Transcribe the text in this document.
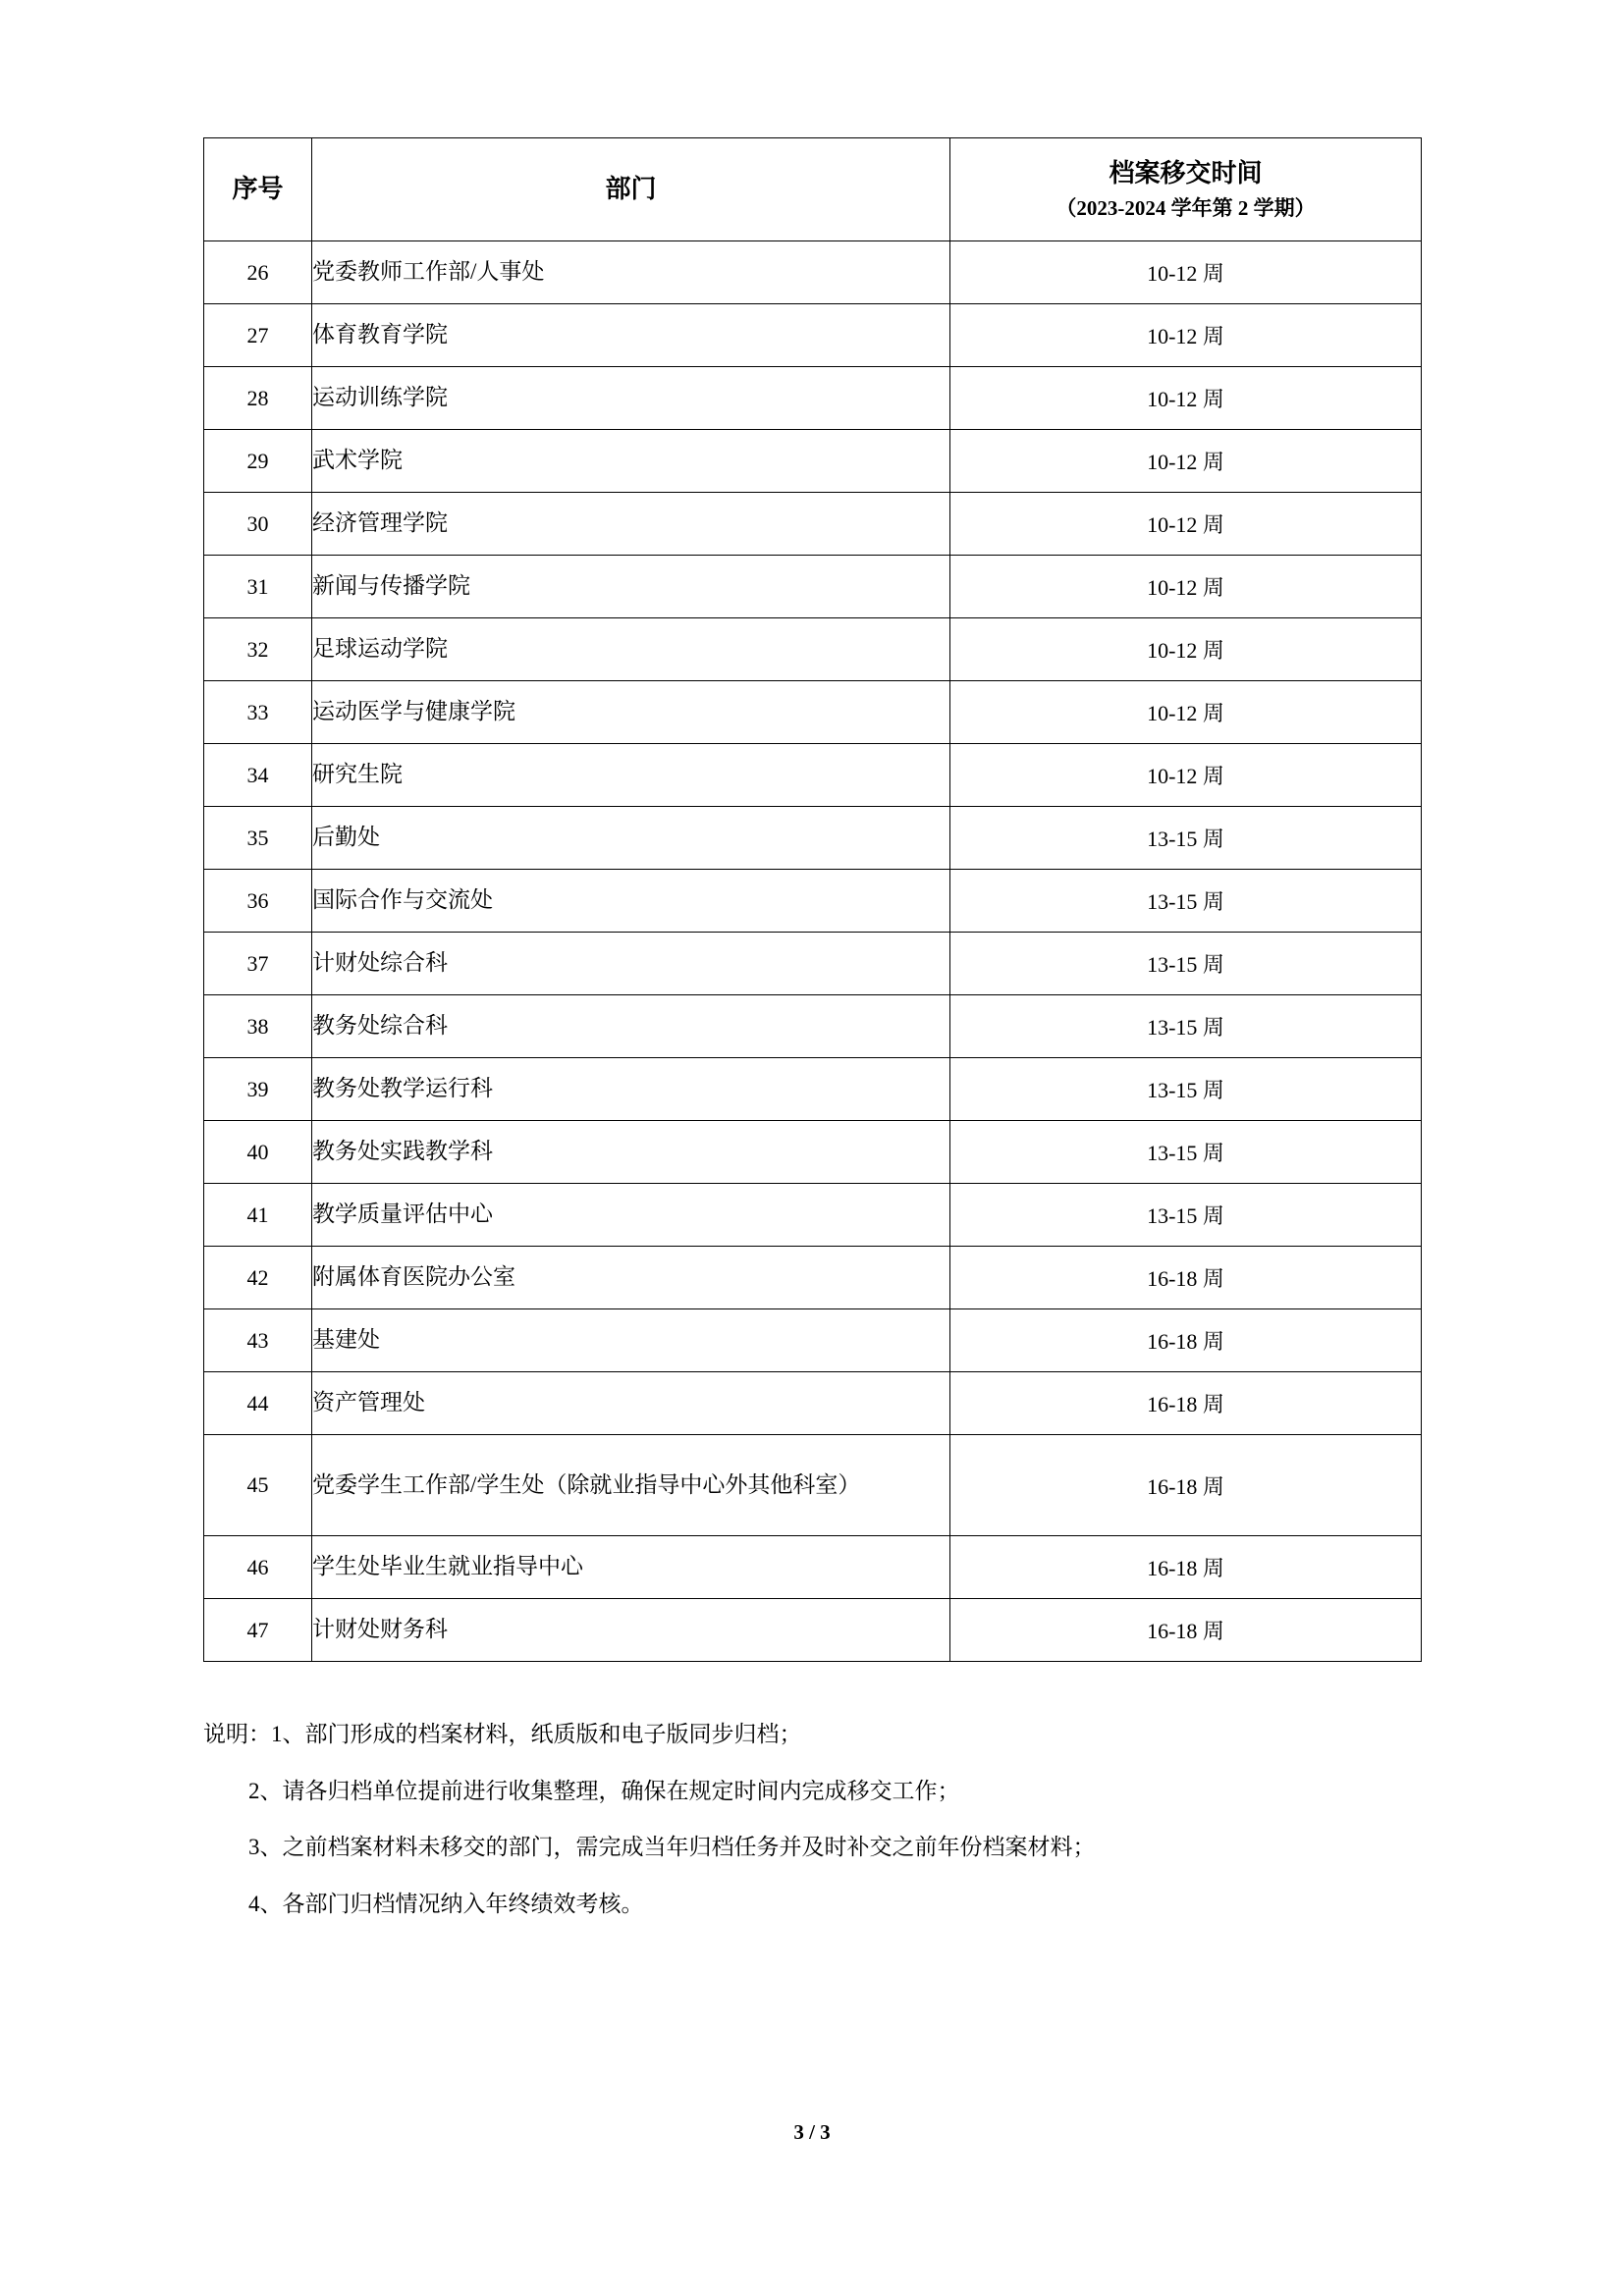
序号	部门	档案移交时间
（2023-2024 学年第 2 学期）

26	党委教师工作部/人事处	10-12 周
27	体育教育学院	10-12 周
28	运动训练学院	10-12 周
29	武术学院	10-12 周
30	经济管理学院	10-12 周
31	新闻与传播学院	10-12 周
32	足球运动学院	10-12 周
33	运动医学与健康学院	10-12 周
34	研究生院	10-12 周
35	后勤处	13-15 周
36	国际合作与交流处	13-15 周
37	计财处综合科	13-15 周
38	教务处综合科	13-15 周
39	教务处教学运行科	13-15 周
40	教务处实践教学科	13-15 周
41	教学质量评估中心	13-15 周
42	附属体育医院办公室	16-18 周
43	基建处	16-18 周
44	资产管理处	16-18 周
45	党委学生工作部/学生处（除就业指导中心外其他科室）	16-18 周
46	学生处毕业生就业指导中心	16-18 周
47	计财处财务科	16-18 周
说明：1、部门形成的档案材料，纸质版和电子版同步归档；
2、请各归档单位提前进行收集整理，确保在规定时间内完成移交工作；
3、之前档案材料未移交的部门，需完成当年归档任务并及时补交之前年份档案材料；
4、各部门归档情况纳入年终绩效考核。
3 / 3
